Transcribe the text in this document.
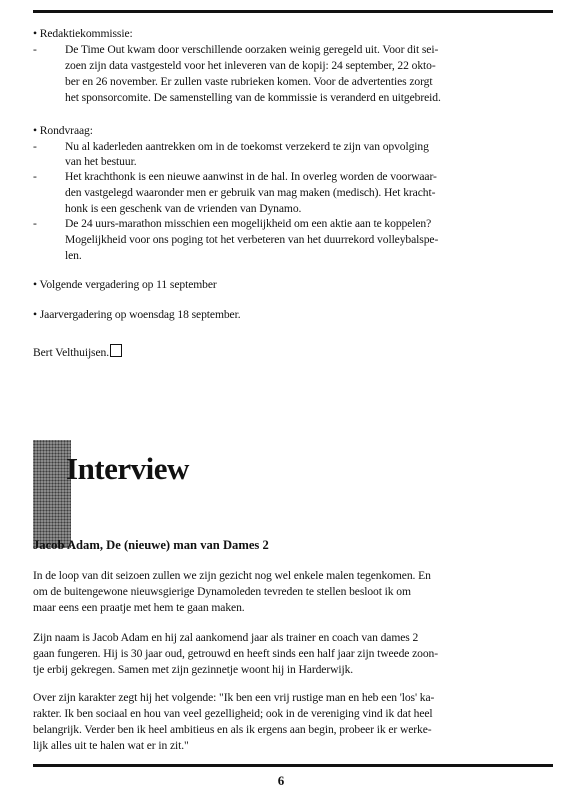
• Redaktiekommissie:
- De Time Out kwam door verschillende oorzaken weinig geregeld uit. Voor dit sei-
zoen zijn data vastgesteld voor het inleveren van de kopij: 24 september, 22 okto-
ber en 26 november. Er zullen vaste rubrieken komen. Voor de advertenties zorgt
het sponsorcomite. De samenstelling van de kommissie is veranderd en uitgebreid.
• Rondvraag:
- Nu al kaderleden aantrekken om in de toekomst verzekerd te zijn van opvolging
van het bestuur.
- Het krachthonk is een nieuwe aanwinst in de hal. In overleg worden de voorwaar-
den vastgelegd waaronder men er gebruik van mag maken (medisch). Het kracht-
honk is een geschenk van de vrienden van Dynamo.
- De 24 uurs-marathon misschien een mogelijkheid om een aktie aan te koppelen?
Mogelijkheid voor ons poging tot het verbeteren van het duurrekord volleybalspe-
len.
• Volgende vergadering op 11 september
• Jaarvergadering op woensdag 18 september.
Bert Velthuijsen.
Interview
Jacob Adam, De (nieuwe) man van Dames 2
In de loop van dit seizoen zullen we zijn gezicht nog wel enkele malen tegenkomen. En
om de buitengewone nieuwsgierige Dynamoleden tevreden te stellen besloot ik om
maar eens een praatje met hem te gaan maken.
Zijn naam is Jacob Adam en hij zal aankomend jaar als trainer en coach van dames 2
gaan fungeren. Hij is 30 jaar oud, getrouwd en heeft sinds een half jaar zijn tweede zoon-
tje erbij gekregen. Samen met zijn gezinnetje woont hij in Harderwijk.
Over zijn karakter zegt hij het volgende: "Ik ben een vrij rustige man en heb een 'los' ka-
rakter. Ik ben sociaal en hou van veel gezelligheid; ook in de vereniging vind ik dat heel
belangrijk. Verder ben ik heel ambitieus en als ik ergens aan begin, probeer ik er werke-
lijk alles uit te halen wat er in zit."
6
